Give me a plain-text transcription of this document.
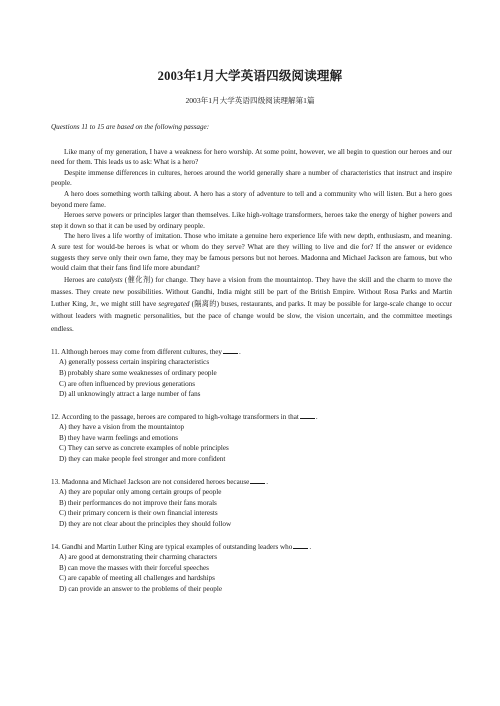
2003年1月大学英语四级阅读理解
2003年1月大学英语四级阅读理解第1篇

Questions 11 to 15 are based on the following passage:

Like many of my generation, I have a weakness for hero worship. At some point, however, we all begin to question our heroes and our need for them. This leads us to ask: What is a hero?

Despite immense differences in cultures, heroes around the world generally share a number of characteristics that instruct and inspire people.

A hero does something worth talking about. A hero has a story of adventure to tell and a community who will listen. But a hero goes beyond mere fame.

Heroes serve powers or principles larger than themselves. Like high-voltage transformers, heroes take the energy of higher powers and step it down so that it can be used by ordinary people.

The hero lives a life worthy of imitation. Those who imitate a genuine hero experience life with new depth, enthusiasm, and meaning. A sure test for would-be heroes is what or whom do they serve? What are they willing to live and die for? If the answer or evidence suggests they serve only their own fame, they may be famous persons but not heroes. Madonna and Michael Jackson are famous, but who would claim that their fans find life more abundant?

Heroes are catalysts (催化剂) for change. They have a vision from the mountaintop. They have the skill and the charm to move the masses. They create new possibilities. Without Gandhi, India might still be part of the British Empire. Without Rosa Parks and Martin Luther King, Jr., we might still have segregated (隔离的) buses, restaurants, and parks. It may be possible for large-scale change to occur without leaders with magnetic personalities, but the pace of change would be slow, the vision uncertain, and the committee meetings endless.

11. Although heroes may come from different cultures, they .

A) generally possess certain inspiring characteristics

B) probably share some weaknesses of ordinary people

C) are often influenced by previous generations

D) all unknowingly attract a large number of fans

12. According to the passage, heroes are compared to high-voltage transformers in that .

A) they have a vision from the mountaintop

B) they have warm feelings and emotions

C) They can serve as concrete examples of noble principles

D) they can make people feel stronger and more confident

13. Madonna and Michael Jackson are not considered heroes because .

A) they are popular only among certain groups of people

B) their performances do not improve their fans morals

C) their primary concern is their own financial interests

D) they are not clear about the principles they should follow

14. Gandhi and Martin Luther King are typical examples of outstanding leaders who .

A) are good at demonstrating their charming characters

B) can move the masses with their forceful speeches

C) are capable of meeting all challenges and hardships

D) can provide an answer to the problems of their people
